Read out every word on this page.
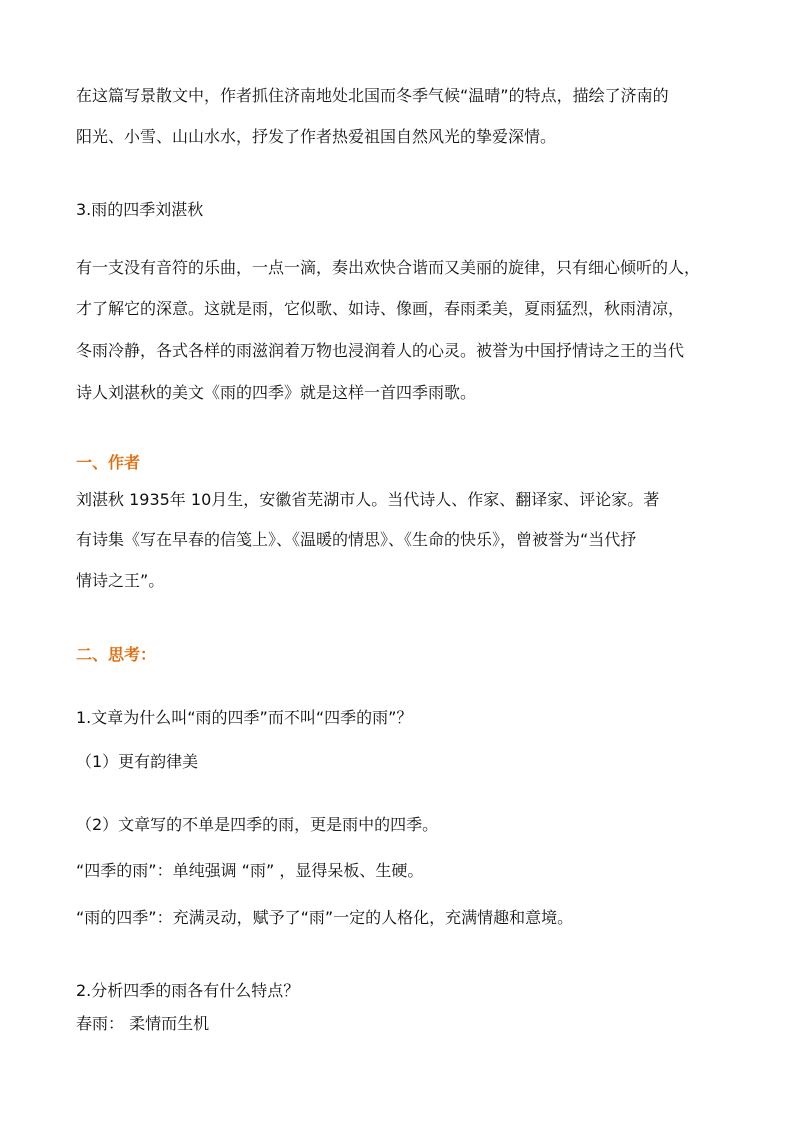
在这篇写景散文中，作者抓住济南地处北国而冬季气候“温晴”的特点，描绘了济南的

阳光、小雪、山山水水，抒发了作者热爱祖国自然风光的挚爱深情。

3.雨的四季刘湛秋

有一支没有音符的乐曲，一点一滴，奏出欢快合谐而又美丽的旋律，只有细心倾听的人，

才了解它的深意。这就是雨，它似歌、如诗、像画，春雨柔美，夏雨猛烈，秋雨清凉，

冬雨冷静，各式各样的雨滋润着万物也浸润着人的心灵。被誉为中国抒情诗之王的当代

诗人刘湛秋的美文《雨的四季》就是这样一首四季雨歌。

一、作者

刘湛秋 1935年 10月生，安徽省芜湖市人。当代诗人、作家、翻译家、评论家。著

有诗集《写在早春的信笺上》、《温暖的情思》、《生命的快乐》，曾被誉为“当代抒

情诗之王”。

二、思考：

1.文章为什么叫“雨的四季”而不叫“四季的雨”？

（1）更有韵律美

（2）文章写的不单是四季的雨，更是雨中的四季。

“四季的雨”：单纯强调 “雨” ，显得呆板、生硬。

“雨的四季”：充满灵动，赋予了“雨”一定的人格化，充满情趣和意境。

2.分析四季的雨各有什么特点？

春雨： 柔情而生机
